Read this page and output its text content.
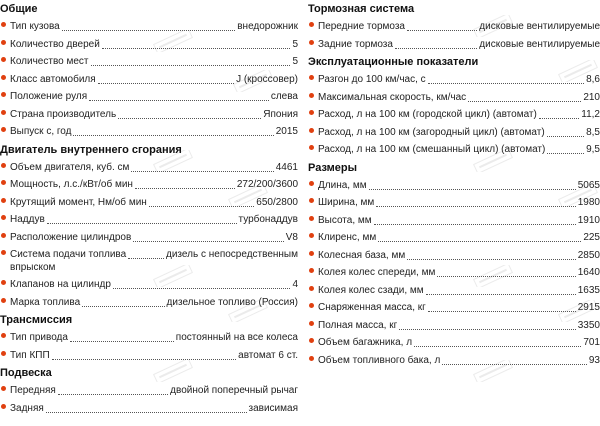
Общие
Тип кузова	внедорожник
Количество дверей	5
Количество мест	5
Класс автомобиля	J (кроссовер)
Положение руля	слева
Страна производитель	Япония
Выпуск с, год	2015
Двигатель внутреннего сгорания
Объем двигателя, куб. см	4461
Мощность, л.с./кВт/об мин	272/200/3600
Крутящий момент, Нм/об мин	650/2800
Наддув	турбонаддув
Расположение цилиндров	V8
Система подачи топлива	дизель с непосредственным
впрыском
Клапанов на цилиндр	4
Марка топлива	дизельное топливо (Россия)
Трансмиссия
Тип привода	постоянный на все колеса
Тип КПП	автомат 6 ст.
Подвеска
Передняя	двойной поперечный рычаг
Задняя	зависимая
Тормозная система
Передние тормоза	дисковые вентилируемые
Задние тормоза	дисковые вентилируемые
Эксплуатационные показатели
Разгон до 100 км/час, с	8,6
Максимальная скорость, км/час	210
Расход, л на 100 км (городской цикл) (автомат)	11,2
Расход, л на 100 км (загородный цикл) (автомат)	8,5
Расход, л на 100 км (смешанный цикл) (автомат)	9,5
Размеры
Длина, мм	5065
Ширина, мм	1980
Высота, мм	1910
Клиренс, мм	225
Колесная база, мм	2850
Колея колес спереди, мм	1640
Колея колес сзади, мм	1635
Снаряженная масса, кг	2915
Полная масса, кг	3350
Объем багажника, л	701
Объем топливного бака, л	93
